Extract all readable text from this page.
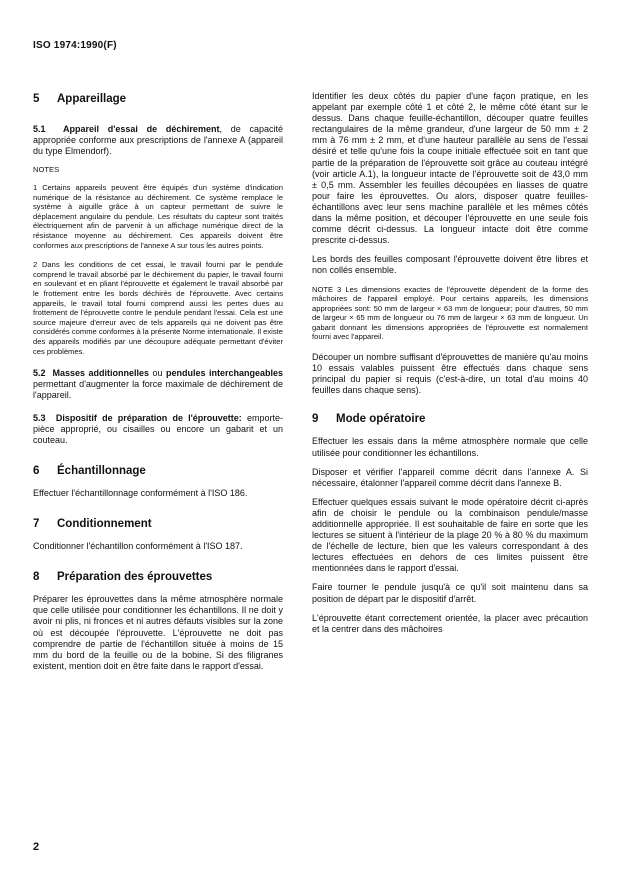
ISO 1974:1990(F)
5 Appareillage

5.1 Appareil d'essai de déchirement, de capacité appropriée conforme aux prescriptions de l'annexe A (appareil du type Elmendorf).

NOTES

1 Certains appareils peuvent être équipés d'un système d'indication numérique de la résistance au déchirement. Ce système remplace le système à aiguille grâce à un capteur permettant de suivre le déplacement angulaire du pendule. Les résultats du capteur sont traités électriquement afin de parvenir à un affichage numérique direct de la résistance moyenne au déchirement. Ces appareils doivent être conformes aux prescriptions de l'annexe A sur tous les autres points.

2 Dans les conditions de cet essai, le travail fourni par le pendule comprend le travail absorbé par le déchirement du papier, le travail fourni en soulevant et en pliant l'éprouvette et également le travail absorbé par le frottement entre les bords déchirés de l'éprouvette. Avec certains appareils, le travail total fourni comprend aussi les pertes dues au frottement de l'éprouvette contre le pendule pendant l'essai. Cela est une source majeure d'erreur avec de tels appareils qui ne doivent pas être considérés comme conformes à la présente Norme internationale. Il existe des appareils modifiés par une découpure adéquate permettant d'éviter ces problèmes.

5.2 Masses additionnelles ou pendules interchangeables permettant d'augmenter la force maximale de déchirement de l'appareil.

5.3 Dispositif de préparation de l'éprouvette: emporte-pièce approprié, ou cisailles ou encore un gabarit et un couteau.

6 Échantillonnage

Effectuer l'échantillonnage conformément à l'ISO 186.

7 Conditionnement

Conditionner l'échantillon conformément à l'ISO 187.

8 Préparation des éprouvettes

Préparer les éprouvettes dans la même atmosphère normale que celle utilisée pour conditionner les échantillons. Il ne doit y avoir ni plis, ni fronces et ni autres défauts visibles sur la zone où est découpée l'éprouvette. L'éprouvette ne doit pas comprendre de partie de l'échantillon située à moins de 15 mm du bord de la feuille ou de la bobine. Si des filigranes existent, mention doit en être faite dans le rapport d'essai.

Identifier les deux côtés du papier d'une façon pratique, en les appelant par exemple côté 1 et côté 2, le même côté étant sur le dessus. Dans chaque feuille-échantillon, découper quatre feuilles rectangulaires de la même grandeur, d'une largeur de 50 mm ± 2 mm à 76 mm ± 2 mm, et d'une hauteur parallèle au sens de l'essai désiré et telle qu'une fois la coupe initiale effectuée soit en tant que partie de la préparation de l'éprouvette soit grâce au couteau intégré (voir article A.1), la longueur intacte de l'éprouvette soit de 43,0 mm ± 0,5 mm. Assembler les feuilles découpées en liasses de quatre pour faire les éprouvettes. Ou alors, disposer quatre feuilles-échantillons avec leur sens machine parallèle et les mêmes côtés dans la même position, et découper l'éprouvette en une seule fois comme décrit ci-dessus. La longueur intacte doit être comme prescrite ci-dessus.

Les bords des feuilles composant l'éprouvette doivent être libres et non collés ensemble.

NOTE 3 Les dimensions exactes de l'éprouvette dépendent de la forme des mâchoires de l'appareil employé. Pour certains appareils, les dimensions appropriées sont: 50 mm de largeur × 63 mm de longueur; pour d'autres, 50 mm de largeur × 65 mm de longueur ou 76 mm de largeur × 63 mm de longueur. Un gabarit donnant les dimensions appropriées de l'éprouvette est normalement fourni avec l'appareil.

Découper un nombre suffisant d'éprouvettes de manière qu'au moins 10 essais valables puissent être effectués dans chaque sens principal du papier si requis (c'est-à-dire, un total d'au moins 40 feuilles dans chaque sens).

9 Mode opératoire

Effectuer les essais dans la même atmosphère normale que celle utilisée pour conditionner les échantillons.

Disposer et vérifier l'appareil comme décrit dans l'annexe A. Si nécessaire, étalonner l'appareil comme décrit dans l'annexe B.

Effectuer quelques essais suivant le mode opératoire décrit ci-après afin de choisir le pendule ou la combinaison pendule/masse additionnelle appropriée. Il est souhaitable de faire en sorte que les lectures se situent à l'intérieur de la plage 20 % à 80 % du maximum de l'échelle de lecture, bien que les valeurs correspondant à des lectures effectuées en dehors de ces limites puissent être mentionnées dans le rapport d'essai.

Faire tourner le pendule jusqu'à ce qu'il soit maintenu dans sa position de départ par le dispositif d'arrêt.

L'éprouvette étant correctement orientée, la placer avec précaution et la centrer dans des mâchoires

2
